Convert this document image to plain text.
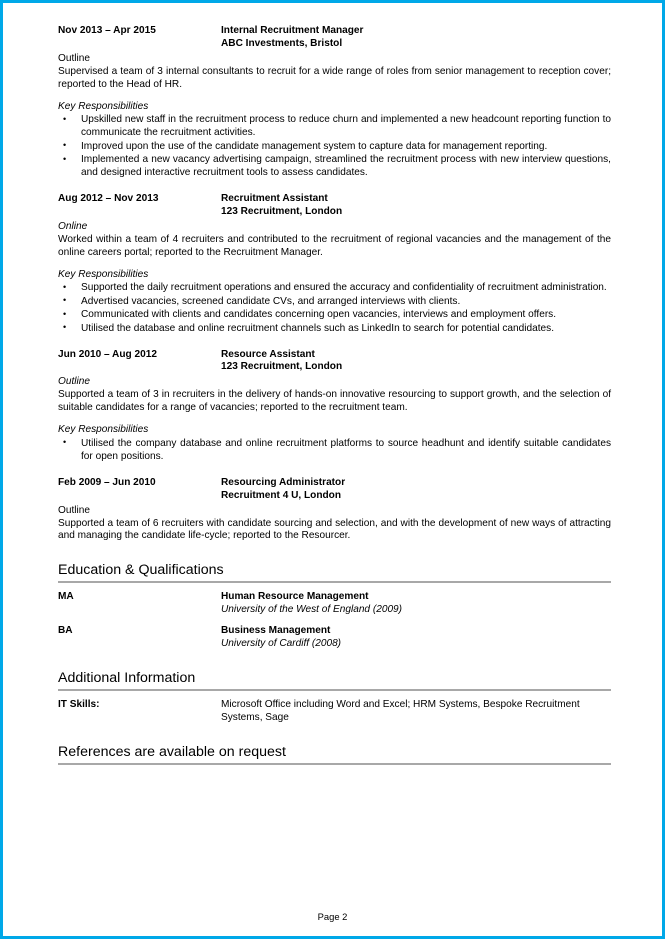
Nov 2013 – Apr 2015	Internal Recruitment Manager
ABC Investments, Bristol
Outline
Supervised a team of 3 internal consultants to recruit for a wide range of roles from senior management to reception cover; reported to the Head of HR.
Key Responsibilities
• Upskilled new staff in the recruitment process to reduce churn and implemented a new headcount reporting function to communicate the recruitment activities.
• Improved upon the use of the candidate management system to capture data for management reporting.
• Implemented a new vacancy advertising campaign, streamlined the recruitment process with new interview questions, and designed interactive recruitment tools to assess candidates.
Aug 2012 – Nov 2013	Recruitment Assistant
123 Recruitment, London
Online
Worked within a team of 4 recruiters and contributed to the recruitment of regional vacancies and the management of the online careers portal; reported to the Recruitment Manager.
Key Responsibilities
• Supported the daily recruitment operations and ensured the accuracy and confidentiality of recruitment administration.
• Advertised vacancies, screened candidate CVs, and arranged interviews with clients.
• Communicated with clients and candidates concerning open vacancies, interviews and employment offers.
• Utilised the database and online recruitment channels such as LinkedIn to search for potential candidates.
Jun 2010 – Aug 2012	Resource Assistant
123 Recruitment, London
Outline
Supported a team of 3 in recruiters in the delivery of hands-on innovative resourcing to support growth, and the selection of suitable candidates for a range of vacancies; reported to the recruitment team.
Key Responsibilities
• Utilised the company database and online recruitment platforms to source headhunt and identify suitable candidates for open positions.
Feb 2009 – Jun 2010	Resourcing Administrator
Recruitment 4 U, London
Outline
Supported a team of 6 recruiters with candidate sourcing and selection, and with the development of new ways of attracting and managing the candidate life-cycle; reported to the Resourcer.
Education & Qualifications
MA	Human Resource Management
University of the West of England (2009)
BA	Business Management
University of Cardiff (2008)
Additional Information
IT Skills:	Microsoft Office including Word and Excel; HRM Systems, Bespoke Recruitment Systems, Sage
References are available on request
Page 2
